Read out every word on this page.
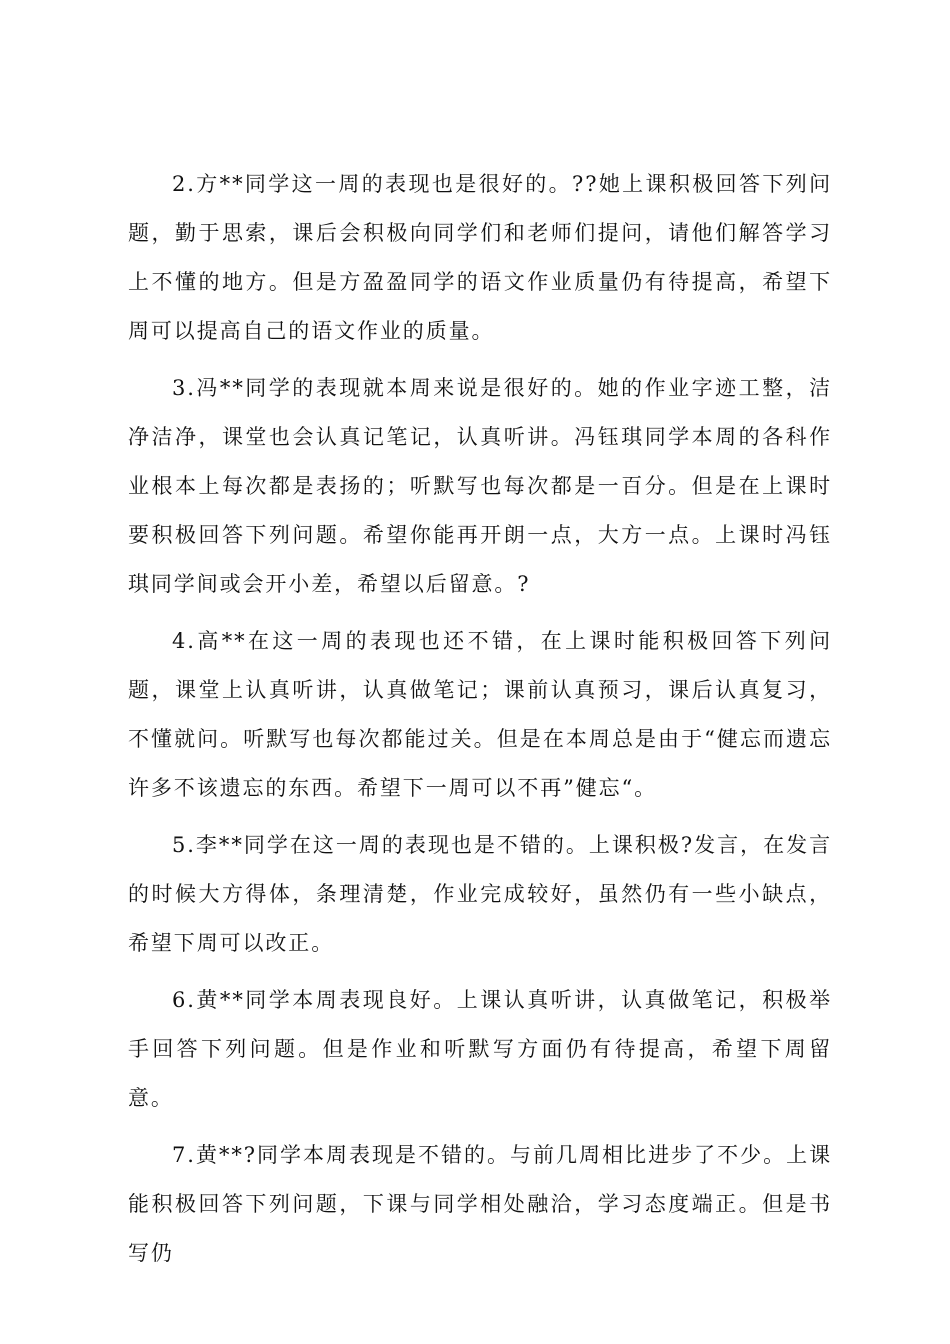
2.方**同学这一周的表现也是很好的。??她上课积极回答下列问题，勤于思索，课后会积极向同学们和老师们提问，请他们解答学习上不懂的地方。但是方盈盈同学的语文作业质量仍有待提高，希望下周可以提高自己的语文作业的质量。

3.冯**同学的表现就本周来说是很好的。她的作业字迹工整，洁净洁净，课堂也会认真记笔记，认真听讲。冯钰琪同学本周的各科作业根本上每次都是表扬的；听默写也每次都是一百分。但是在上课时要积极回答下列问题。希望你能再开朗一点，大方一点。上课时冯钰琪同学间或会开小差，希望以后留意。?

4.高**在这一周的表现也还不错，在上课时能积极回答下列问题，课堂上认真听讲，认真做笔记；课前认真预习，课后认真复习，不懂就问。听默写也每次都能过关。但是在本周总是由于“健忘而遗忘许多不该遗忘的东西。希望下一周可以不再”健忘“。

5.李**同学在这一周的表现也是不错的。上课积极?发言，在发言的时候大方得体，条理清楚，作业完成较好，虽然仍有一些小缺点，希望下周可以改正。

6.黄**同学本周表现良好。上课认真听讲，认真做笔记，积极举手回答下列问题。但是作业和听默写方面仍有待提高，希望下周留意。

7.黄**?同学本周表现是不错的。与前几周相比进步了不少。上课能积极回答下列问题，下课与同学相处融洽，学习态度端正。但是书写仍
